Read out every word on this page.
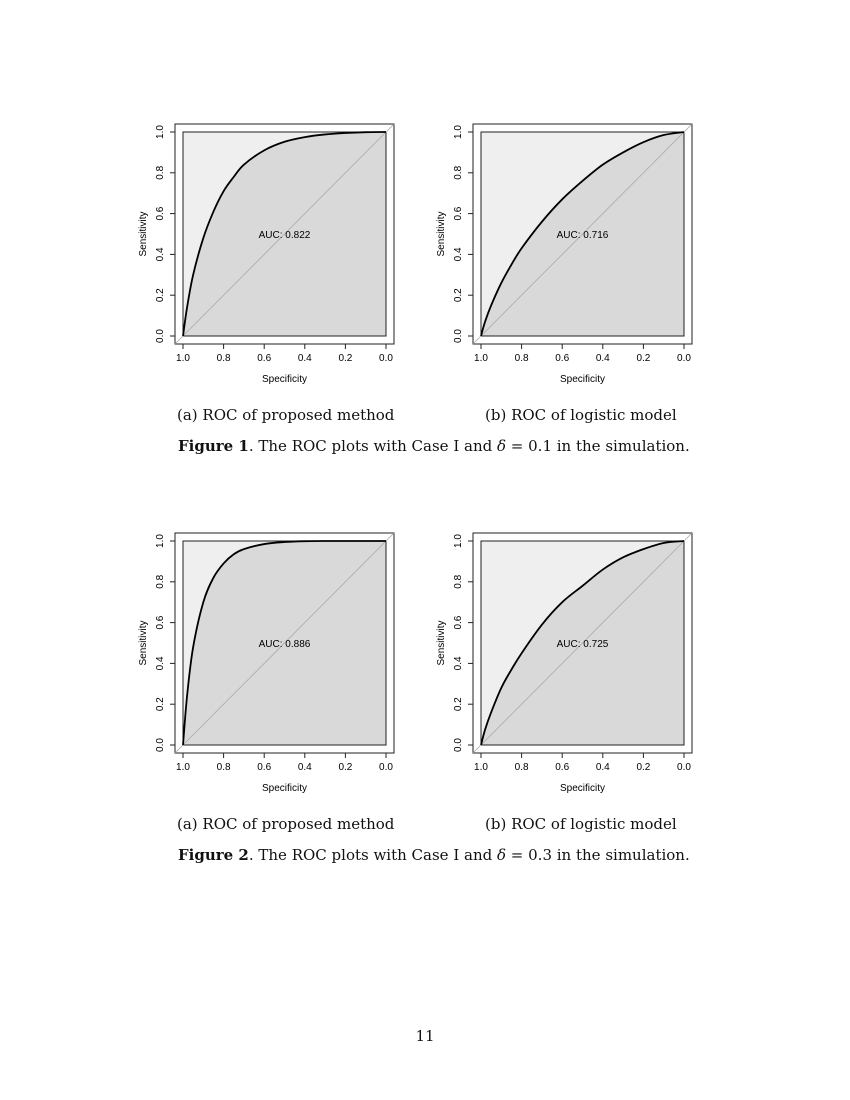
1.0	0.8	0.6	0.4	0.2	0.0
0.0
0.2
0.4
0.6
0.8
1.0
Specificity
Sensitivity	AUC: 0.822
1.0	0.8	0.6	0.4	0.2	0.0
0.0
0.2
0.4
0.6
0.8
1.0
Specificity
Sensitivity	AUC: 0.716
(a) ROC of proposed method	(b) ROC of logistic model
Figure 1. The ROC plots with Case I and δ = 0.1 in the simulation.
1.0	0.8	0.6	0.4	0.2	0.0
0.0
0.2
0.4
0.6
0.8
1.0
Specificity
Sensitivity	AUC: 0.886
1.0	0.8	0.6	0.4	0.2	0.0
0.0
0.2
0.4
0.6
0.8
1.0
Specificity
Sensitivity	AUC: 0.725
(a) ROC of proposed method	(b) ROC of logistic model
Figure 2. The ROC plots with Case I and δ = 0.3 in the simulation.
11
